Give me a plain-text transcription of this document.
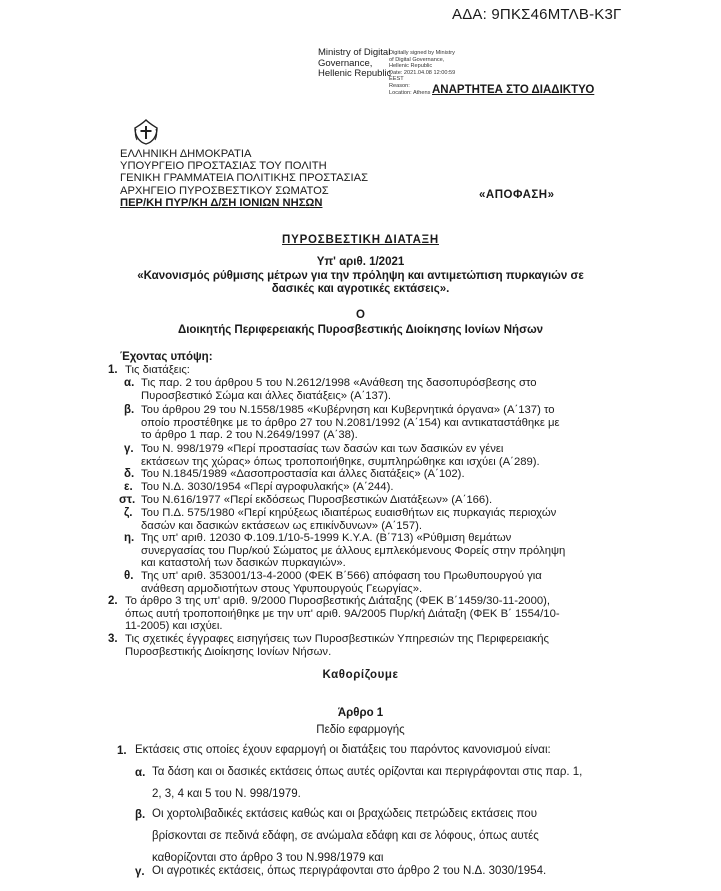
ΑΔΑ: 9ΠΚΣ46ΜΤΛΒ-Κ3Γ
Ministry of Digital
Governance,
Hellenic Republic
Digitally signed by Ministry
of Digital Governance,
Hellenic Republic
Date: 2021.04.08 12:00:59
EEST
Reason:
Location: Athens ΑΝΑΡΤΗΤΕΑ ΣΤΟ ΔΙΑΔΙΚΤΥΟ
ΕΛΛΗΝΙΚΗ ΔΗΜΟΚΡΑΤΙΑ
ΥΠΟΥΡΓΕΙΟ ΠΡΟΣΤΑΣΙΑΣ ΤΟΥ ΠΟΛΙΤΗ
ΓΕΝΙΚΗ ΓΡΑΜΜΑΤΕΙΑ ΠΟΛΙΤΙΚΗΣ ΠΡΟΣΤΑΣΙΑΣ
ΑΡΧΗΓΕΙΟ ΠΥΡΟΣΒΕΣΤΙΚΟΥ ΣΩΜΑΤΟΣ
ΠΕΡ/ΚΗ ΠΥΡ/ΚΗ Δ/ΣΗ ΙΟΝΙΩΝ ΝΗΣΩΝ
«ΑΠΟΦΑΣΗ»
ΠΥΡΟΣΒΕΣΤΙΚΗ ΔΙΑΤΑΞΗ
Υπ' αριθ. 1/2021
«Κανονισμός ρύθμισης μέτρων για την πρόληψη και αντιμετώπιση πυρκαγιών σε
δασικές και αγροτικές εκτάσεις».
Ο
Διοικητής Περιφερειακής Πυροσβεστικής Διοίκησης Ιονίων Νήσων
Έχοντας υπόψη:
1. Τις διατάξεις:
α. Τις παρ. 2 του άρθρου 5 του Ν.2612/1998 «Ανάθεση της δασοπυρόσβεσης στο
Πυροσβεστικό Σώμα και άλλες διατάξεις» (Α΄137).
β. Του άρθρου 29 του Ν.1558/1985 «Κυβέρνηση και Κυβερνητικά όργανα» (Α΄137) το
οποίο προστέθηκε με το άρθρο 27 του Ν.2081/1992 (Α΄154) και αντικαταστάθηκε με
το άρθρο 1 παρ. 2 του Ν.2649/1997 (Α΄38).
γ. Του Ν. 998/1979 «Περί προστασίας των δασών και των δασικών εν γένει
εκτάσεων της χώρας» όπως τροποποιήθηκε, συμπληρώθηκε και ισχύει (Α΄289).
δ. Του Ν.1845/1989 «Δασοπροστασία και άλλες διατάξεις» (Α΄102).
ε. Του Ν.Δ. 3030/1954 «Περί αγροφυλακής» (Α΄244).
στ. Του Ν.616/1977 «Περί εκδόσεως Πυροσβεστικών Διατάξεων» (Α΄166).
ζ. Του Π.Δ. 575/1980 «Περί κηρύξεως ιδιαιτέρως ευαισθήτων εις πυρκαγιάς περιοχών
δασών και δασικών εκτάσεων ως επικίνδυνων» (Α΄157).
η. Της υπ' αριθ. 12030 Φ.109.1/10-5-1999 Κ.Υ.Α. (Β΄713) «Ρύθμιση θεμάτων
συνεργασίας του Πυρ/κού Σώματος με άλλους εμπλεκόμενους Φορείς στην πρόληψη
και καταστολή των δασικών πυρκαγιών».
θ. Της υπ' αριθ. 353001/13-4-2000 (ΦΕΚ Β΄566) απόφαση του Πρωθυπουργού για
ανάθεση αρμοδιοτήτων στους Υφυπουργούς Γεωργίας».
2. Το άρθρο 3 της υπ' αριθ. 9/2000 Πυροσβεστικής Διάταξης (ΦΕΚ Β΄1459/30-11-2000),
όπως αυτή τροποποιήθηκε με την υπ' αριθ. 9Α/2005 Πυρ/κή Διάταξη (ΦΕΚ Β΄ 1554/10-
11-2005) και ισχύει.
3. Τις σχετικές έγγραφες εισηγήσεις των Πυροσβεστικών Υπηρεσιών της Περιφερειακής
Πυροσβεστικής Διοίκησης Ιονίων Νήσων.
Καθορίζουμε
Άρθρο 1
Πεδίο εφαρμογής
1. Εκτάσεις στις οποίες έχουν εφαρμογή οι διατάξεις του παρόντος κανονισμού είναι:
α. Τα δάση και οι δασικές εκτάσεις όπως αυτές ορίζονται και περιγράφονται στις παρ. 1,
2, 3, 4 και 5 του Ν. 998/1979.
β. Οι χορτολιβαδικές εκτάσεις καθώς και οι βραχώδεις πετρώδεις εκτάσεις που
βρίσκονται σε πεδινά εδάφη, σε ανώμαλα εδάφη και σε λόφους, όπως αυτές
καθορίζονται στο άρθρο 3 του Ν.998/1979 και
γ. Οι αγροτικές εκτάσεις, όπως περιγράφονται στο άρθρο 2 του Ν.Δ. 3030/1954.
